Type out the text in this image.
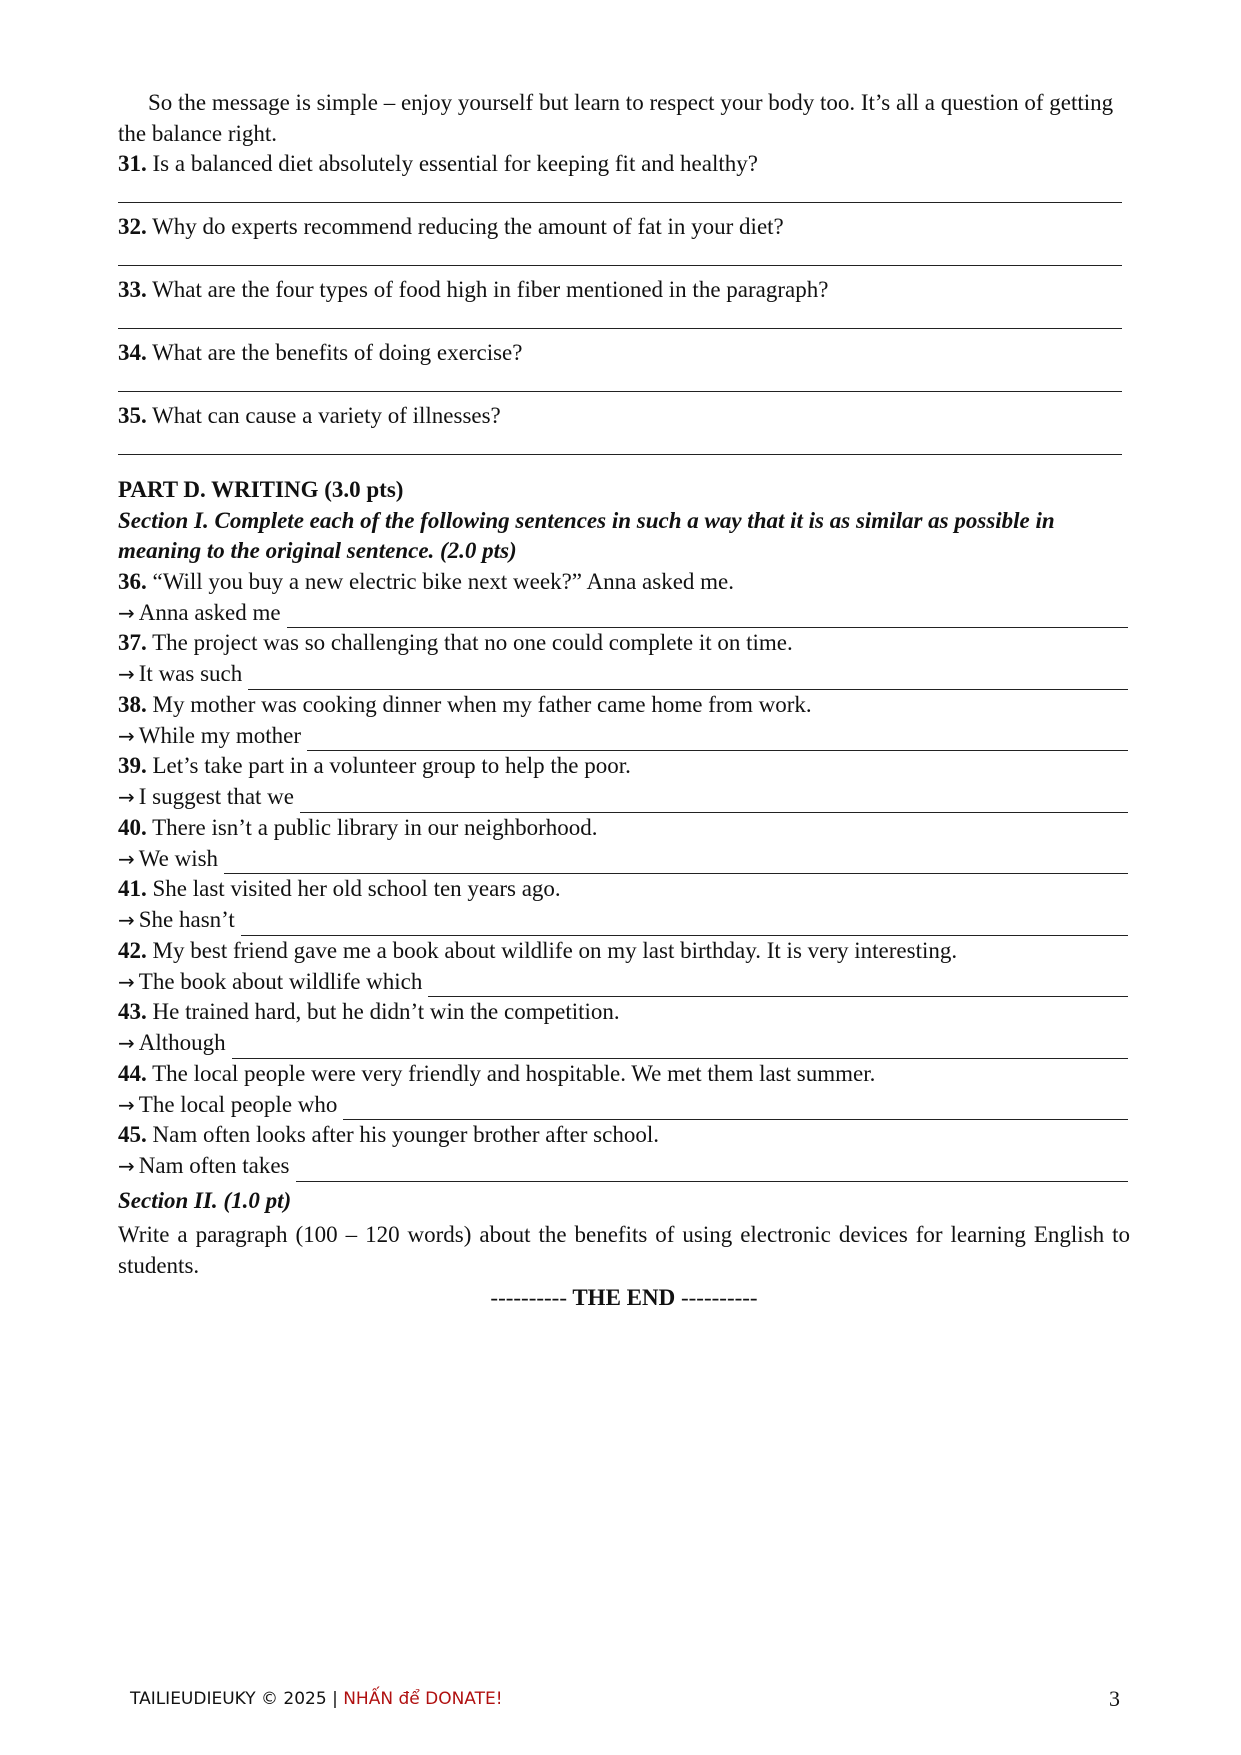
So the message is simple – enjoy yourself but learn to respect your body too. It’s all a question of getting the balance right.

31. Is a balanced diet absolutely essential for keeping fit and healthy?

32. Why do experts recommend reducing the amount of fat in your diet?

33. What are the four types of food high in fiber mentioned in the paragraph?

34. What are the benefits of doing exercise?

35. What can cause a variety of illnesses?

PART D. WRITING (3.0 pts)

Section I. Complete each of the following sentences in such a way that it is as similar as possible in meaning to the original sentence. (2.0 pts)

36. “Will you buy a new electric bike next week?” Anna asked me.

→ Anna asked me

37. The project was so challenging that no one could complete it on time.

→ It was such

38. My mother was cooking dinner when my father came home from work.

→ While my mother

39. Let’s take part in a volunteer group to help the poor.

→ I suggest that we

40. There isn’t a public library in our neighborhood.

→ We wish

41. She last visited her old school ten years ago.

→ She hasn’t

42. My best friend gave me a book about wildlife on my last birthday. It is very interesting.

→ The book about wildlife which

43. He trained hard, but he didn’t win the competition.

→ Although

44. The local people were very friendly and hospitable. We met them last summer.

→ The local people who

45. Nam often looks after his younger brother after school.

→ Nam often takes

Section II. (1.0 pt)

Write a paragraph (100 – 120 words) about the benefits of using electronic devices for learning English to students.

---------- THE END ----------

TAILIEUDIEUKY © 2025 | NHẤN để DONATE!	3
